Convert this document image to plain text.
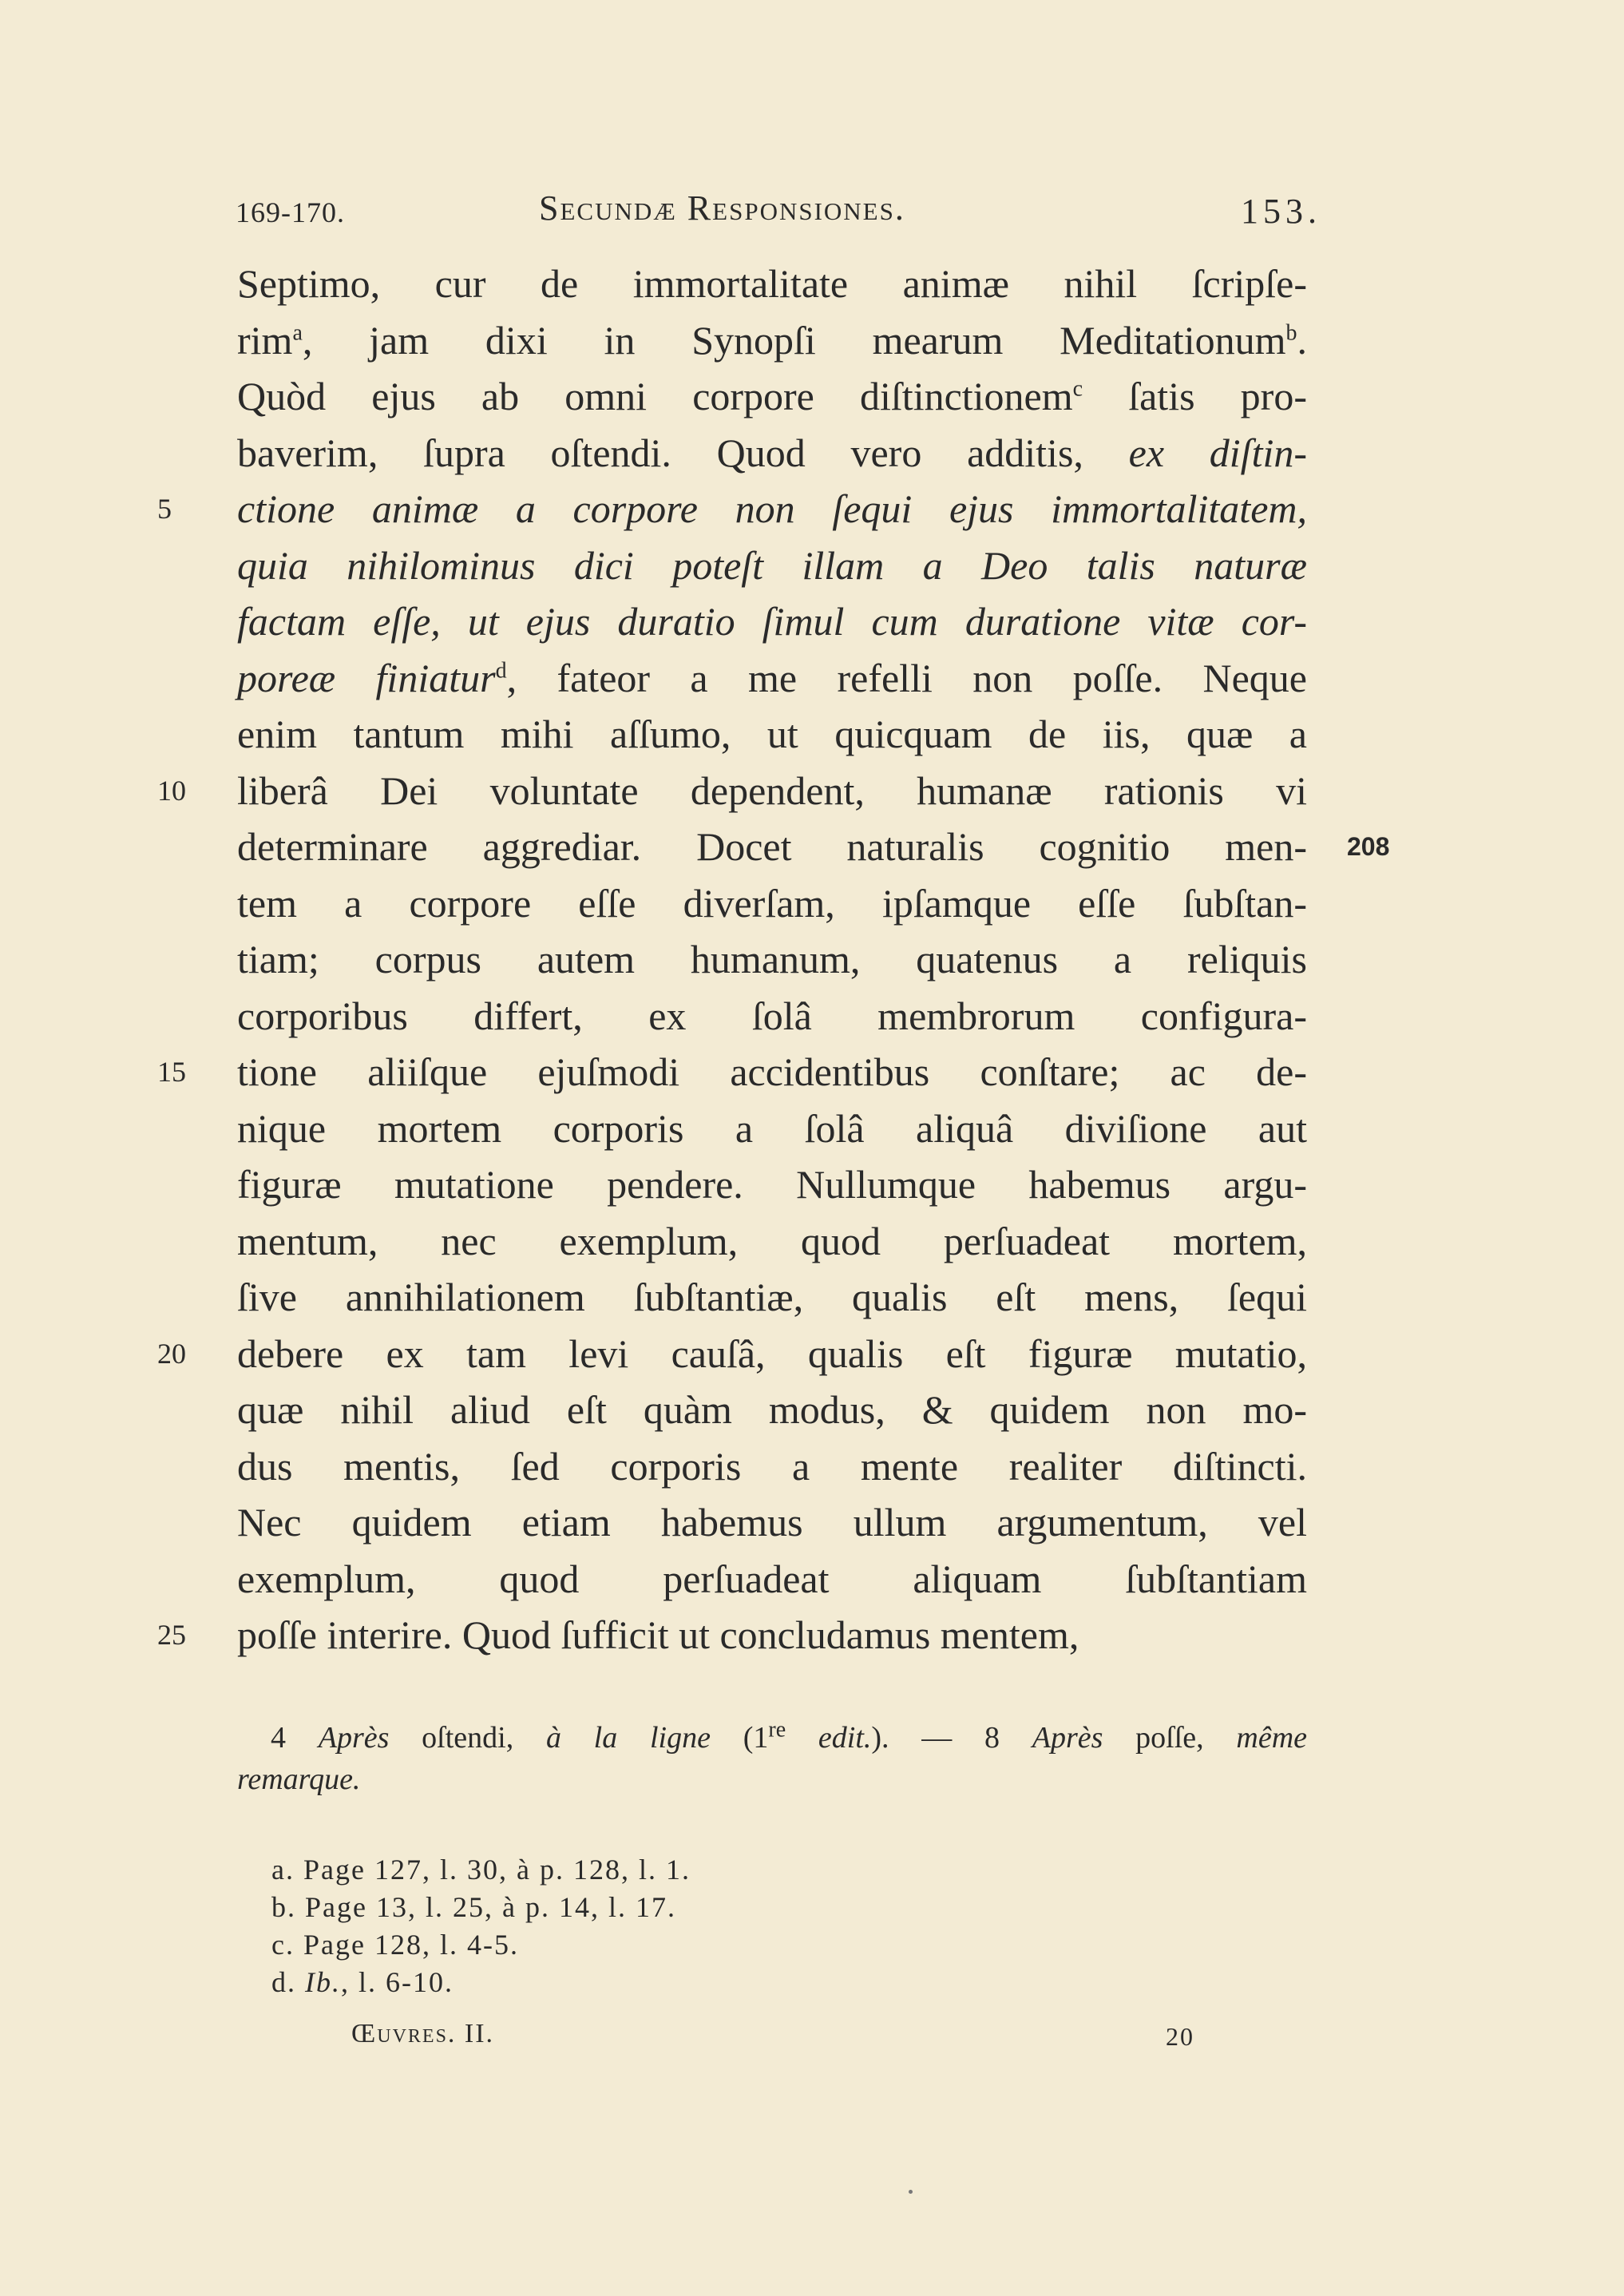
169-170.	Secundæ Responsiones.	153.
Septimo, cur de immortalitate animæ nihil ſcripſe-
rim$^a$, jam dixi in Synopſi mearum Meditationum$^b$.
Quòd ejus ab omni corpore diſtinctionem$^c$ ſatis pro-
baverim, ſupra oſtendi. Quod vero additis, ex diſtin-
5	ctione animæ a corpore non ſequi ejus immortalitatem,
quia nihilominus dici poteſt illam a Deo talis naturæ
factam eſſe, ut ejus duratio ſimul cum duratione vitæ cor-
poreæ finiatur$^d$, fateor a me refelli non poſſe. Neque
enim tantum mihi aſſumo, ut quicquam de iis, quæ a
10	liberâ Dei voluntate dependent, humanæ rationis vi
208
determinare aggrediar. Docet naturalis cognitio men-
tem a corpore eſſe diverſam, ipſamque eſſe ſubſtan-
tiam; corpus autem humanum, quatenus a reliquis
corporibus differt, ex ſolâ membrorum configura-
15	tione aliiſque ejuſmodi accidentibus conſtare; ac de-
nique mortem corporis a ſolâ aliquâ diviſione aut
figuræ mutatione pendere. Nullumque habemus argu-
mentum, nec exemplum, quod perſuadeat mortem,
ſive annihilationem ſubſtantiæ, qualis eſt mens, ſequi
20	debere ex tam levi cauſâ, qualis eſt figuræ mutatio,
quæ nihil aliud eſt quàm modus, & quidem non mo-
dus mentis, ſed corporis a mente realiter diſtincti.
Nec quidem etiam habemus ullum argumentum, vel
exemplum, quod perſuadeat aliquam ſubſtantiam
25	poſſe interire. Quod ſufficit ut concludamus mentem,
4 Après oſtendi, à la ligne (1re edit.). — 8 Après poſſe, même
remarque.
a. Page 127, l. 30, à p. 128, l. 1.
b. Page 13, l. 25, à p. 14, l. 17.
c. Page 128, l. 4-5.
d. Ib., l. 6-10.
Œuvres. II.	20
